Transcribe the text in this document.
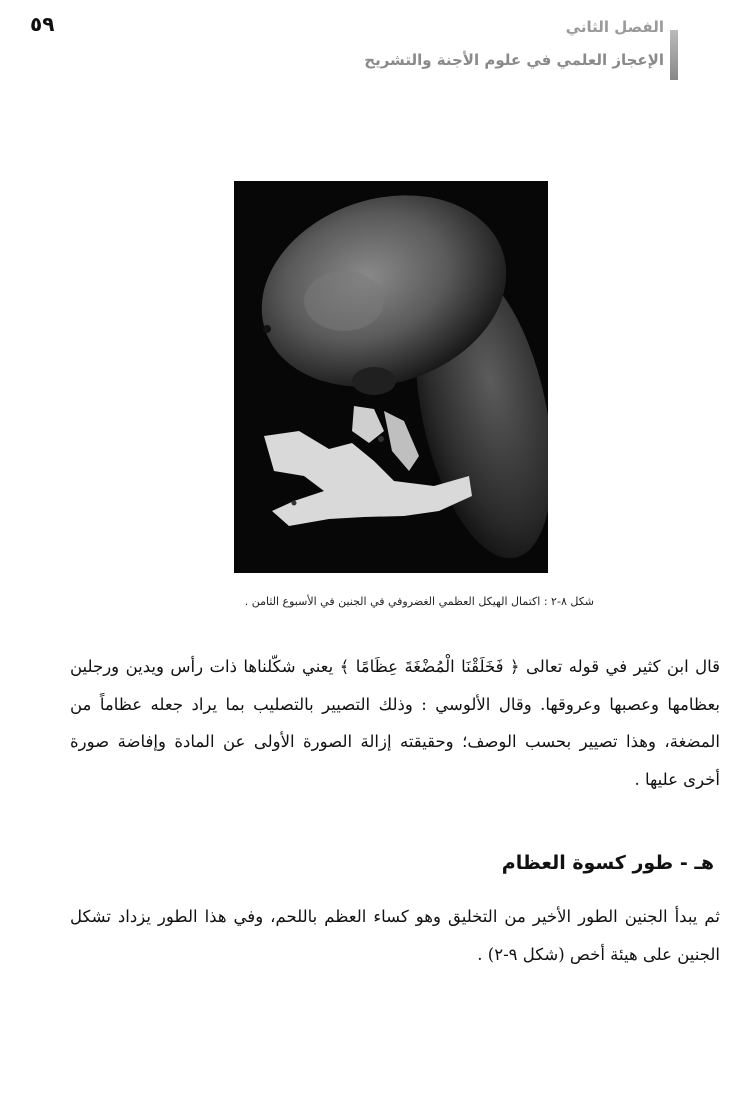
٥٩	الفصل الثاني
الإعجاز العلمي في علوم الأجنة والتشريح
شكل ٨-٢ : اكتمال الهيكل العظمي الغضروفي في الجنين في الأسبوع الثامن .
قال ابن كثير في قوله تعالى ﴿ فَخَلَقْنَا الْمُضْغَةَ عِظَامًا ﴾ يعني شكّلناها ذات رأس ويدين ورجلين بعظامها وعصبها وعروقها. وقال الألوسي : وذلك التصيير بالتصليب بما يراد جعله عظاماً من المضغة، وهذا تصيير بحسب الوصف؛ وحقيقته إزالة الصورة الأولى عن المادة وإفاضة صورة أخرى عليها .
هـ - طور كسوة العظام
ثم يبدأ الجنين الطور الأخير من التخليق وهو كساء العظم باللحم، وفي هذا الطور يزداد تشكل الجنين على هيئة أخص (شكل ٩-٢) .
